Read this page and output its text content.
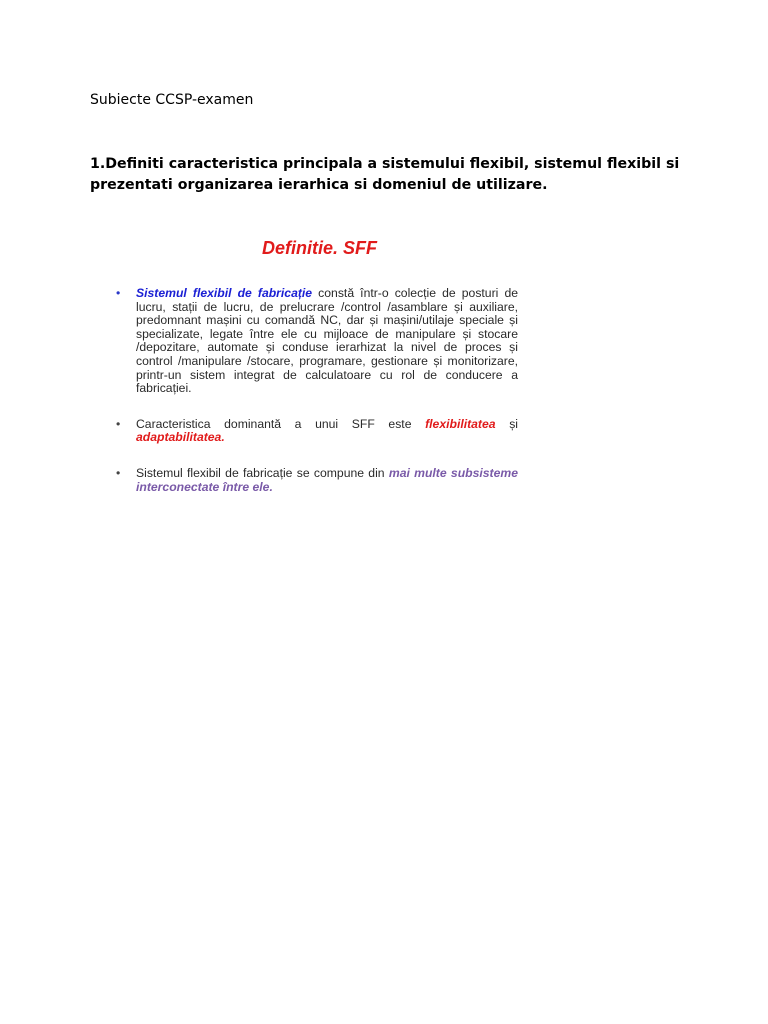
Subiecte CCSP-examen
1.Definiti caracteristica principala a sistemului flexibil, sistemul flexibil si prezentati organizarea ierarhica si domeniul de utilizare.
Definitie. SFF
• Sistemul flexibil de fabricație constă într-o colecție de posturi de lucru, stații de lucru, de prelucrare /control /asamblare și auxiliare, predomnant mașini cu comandă NC, dar și mașini/utilaje speciale și specializate, legate între ele cu mijloace de manipulare și stocare /depozitare, automate și conduse ierarhizat la nivel de proces și control /manipulare /stocare, programare, gestionare și monitorizare, printr-un sistem integrat de calculatoare cu rol de conducere a fabricației.
• Caracteristica dominantă a unui SFF este flexibilitatea și adaptabilitatea.
• Sistemul flexibil de fabricație se compune din mai multe subsisteme interconectate între ele.
